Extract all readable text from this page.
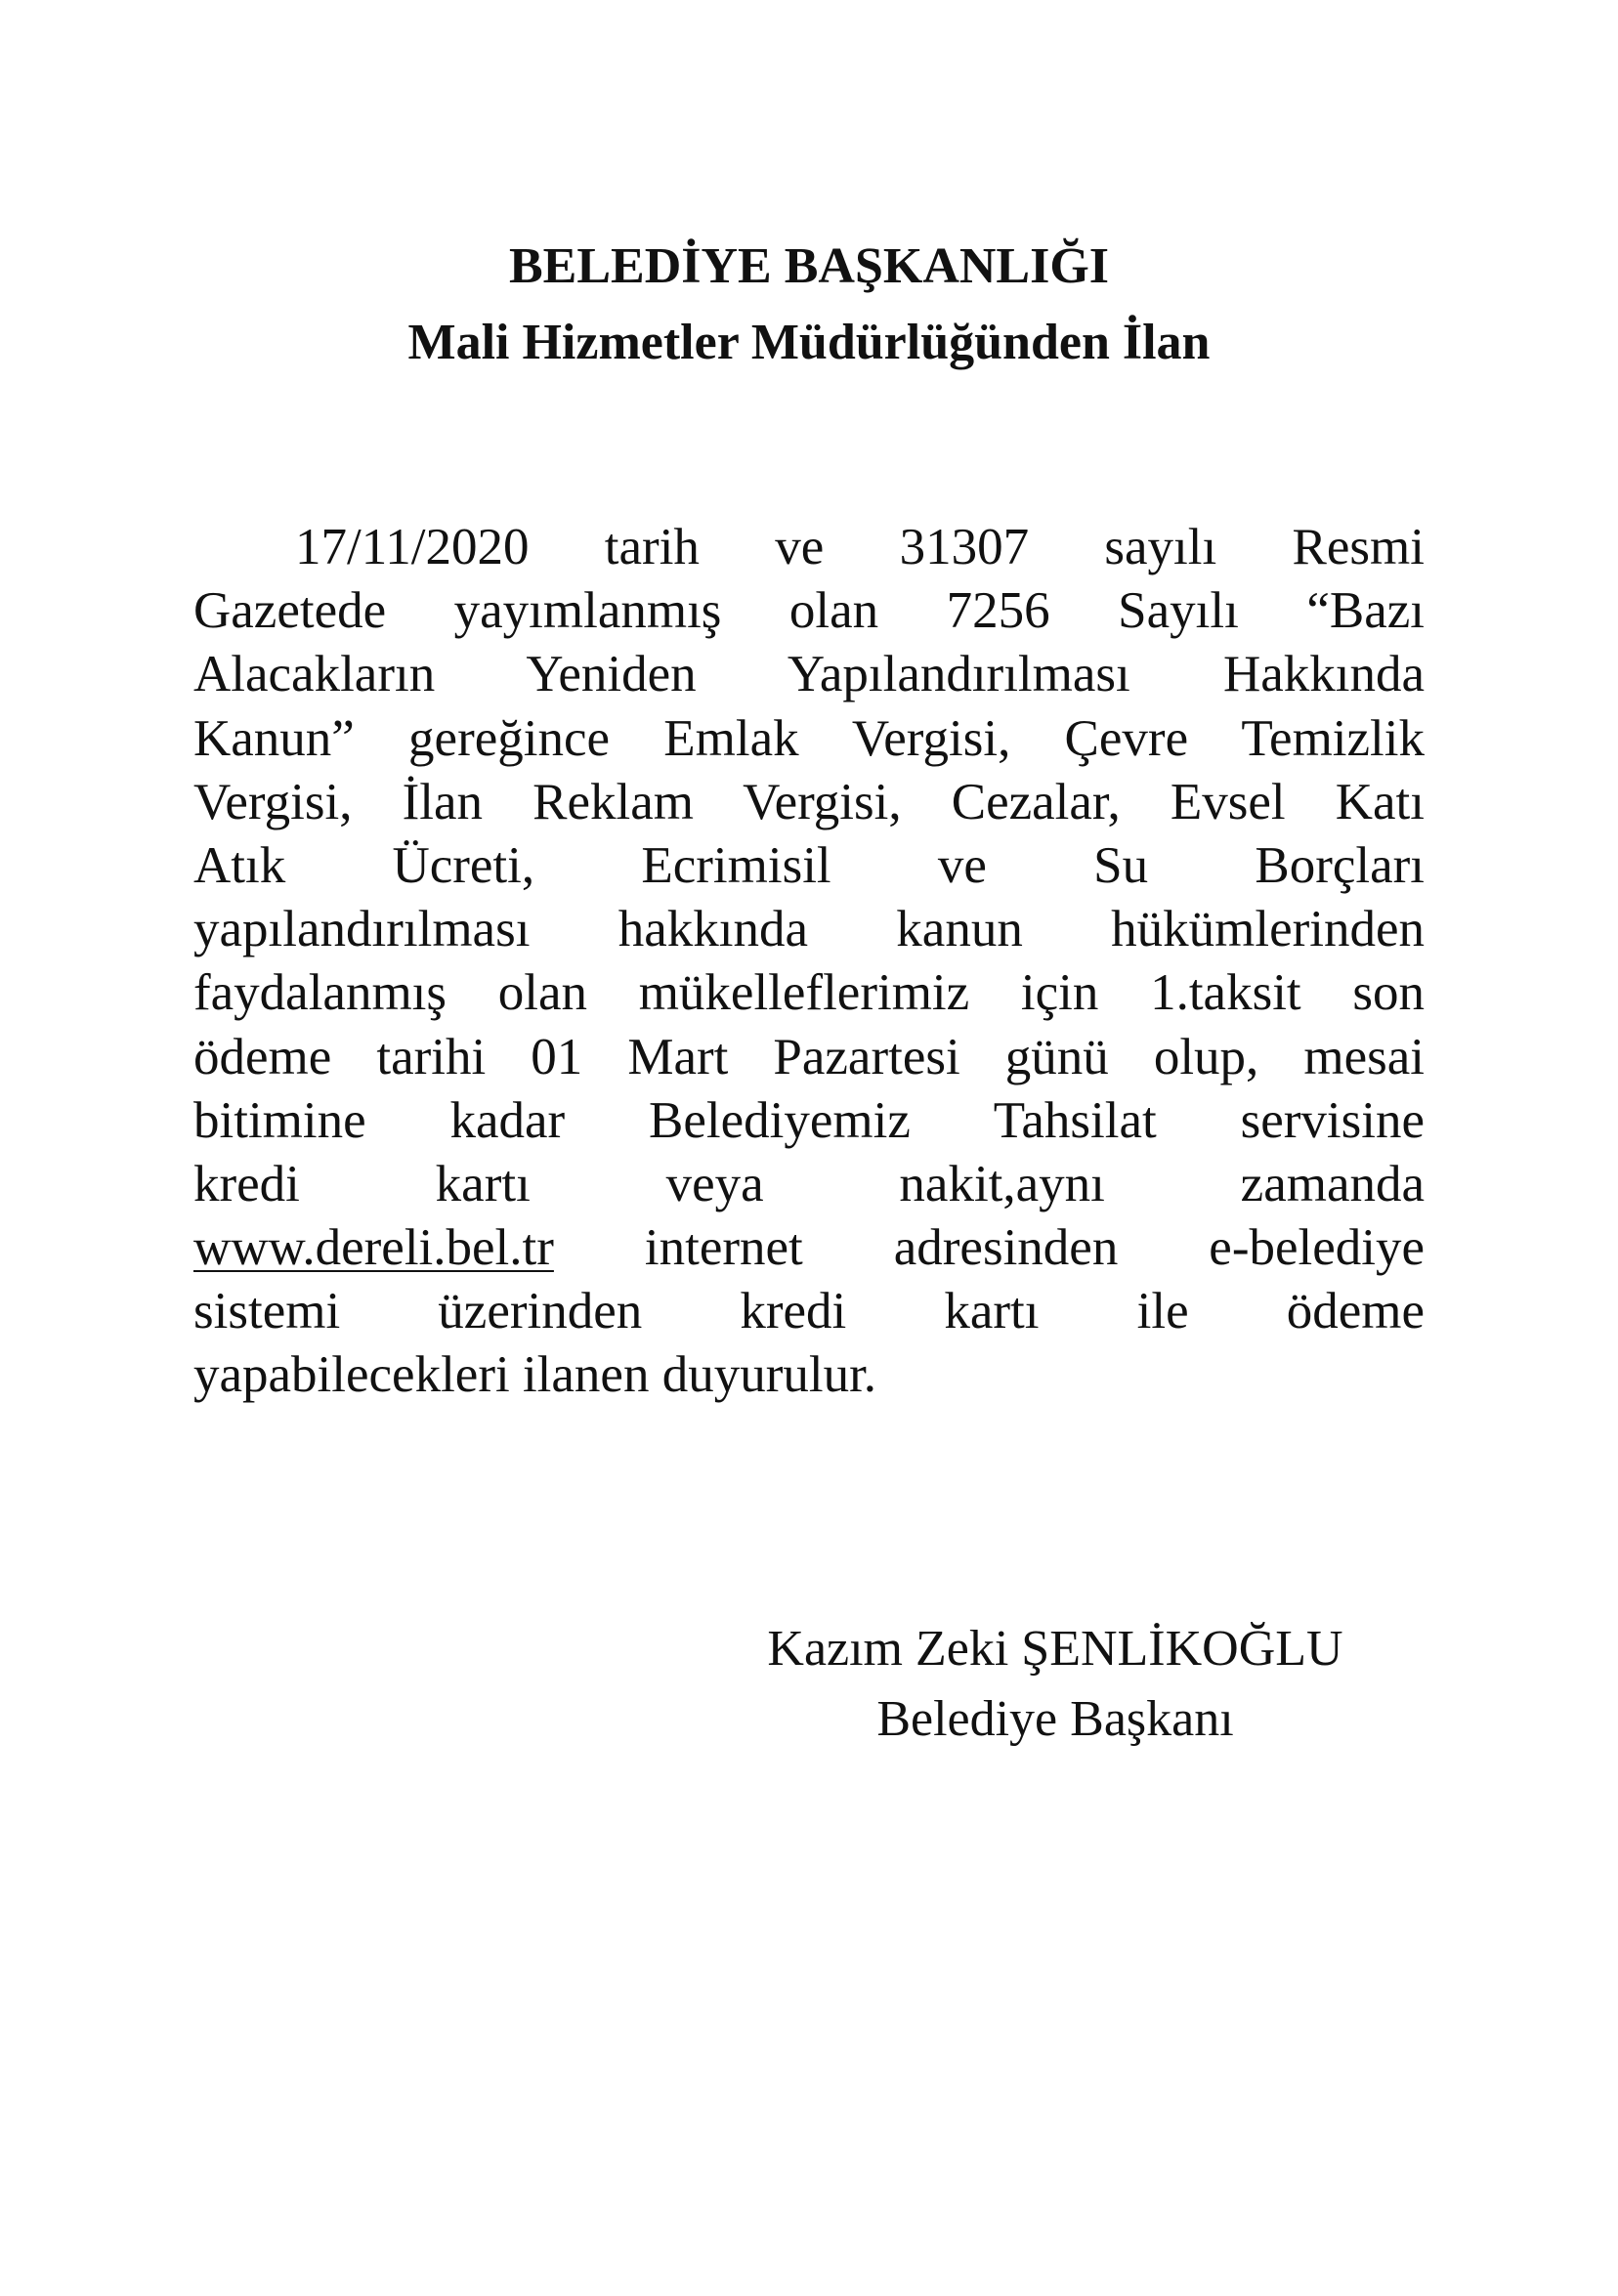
BELEDİYE BAŞKANLIĞI
Mali Hizmetler Müdürlüğünden İlan
17/11/2020 tarih ve 31307 sayılı Resmi
Gazetede yayımlanmış olan 7256 Sayılı “Bazı
Alacakların Yeniden Yapılandırılması Hakkında
Kanun” gereğince Emlak Vergisi, Çevre Temizlik
Vergisi, İlan Reklam Vergisi, Cezalar, Evsel Katı
Atık Ücreti, Ecrimisil ve Su Borçları
yapılandırılması hakkında kanun hükümlerinden
faydalanmış olan mükelleflerimiz için 1.taksit son
ödeme tarihi 01 Mart Pazartesi günü olup, mesai
bitimine kadar Belediyemiz Tahsilat servisine
kredi kartı veya nakit,aynı zamanda
www.dereli.bel.tr internet adresinden e-belediye
sistemi üzerinden kredi kartı ile ödeme
yapabilecekleri ilanen duyurulur.
Kazım Zeki ŞENLİKOĞLU
Belediye Başkanı
